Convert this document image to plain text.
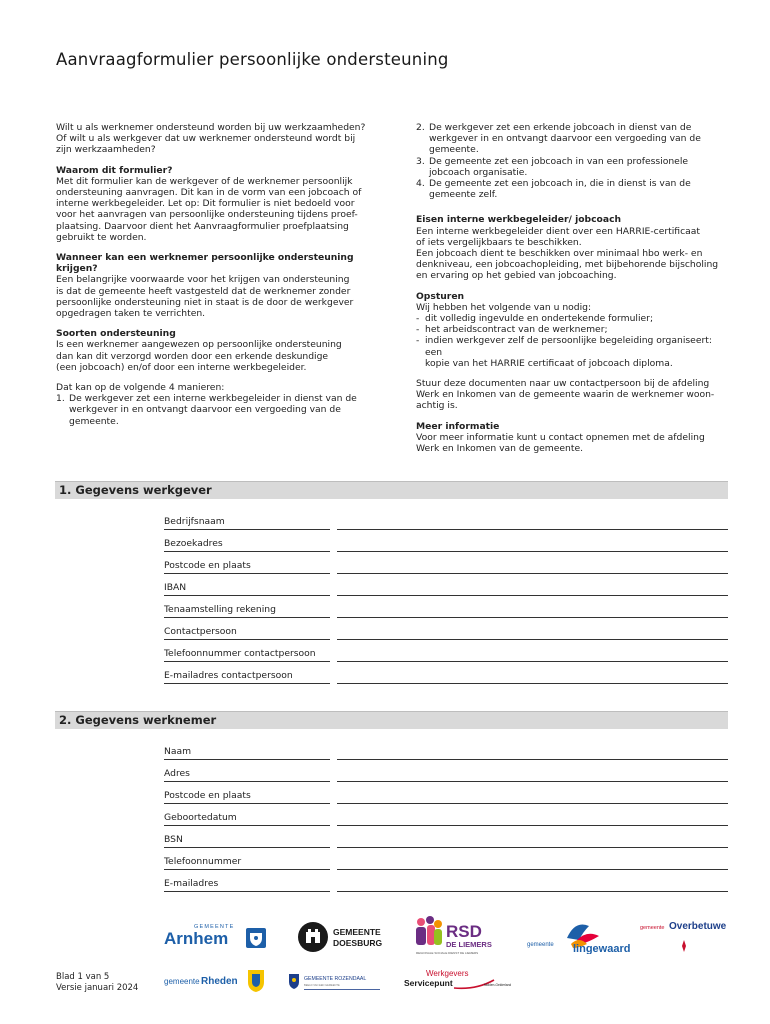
Aanvraagformulier persoonlijke ondersteuning

Wilt u als werknemer ondersteund worden bij uw werkzaamheden?
Of wilt u als werkgever dat uw werknemer ondersteund wordt bij
zijn werkzaamheden?

Waarom dit formulier?
Met dit formulier kan de werkgever of de werknemer persoonlijk
ondersteuning aanvragen. Dit kan in de vorm van een jobcoach of
interne werkbegeleider. Let op: Dit formulier is niet bedoeld voor
voor het aanvragen van persoonlijke ondersteuning tijdens proef-
plaatsing. Daarvoor dient het Aanvraagformulier proefplaatsing
gebruikt te worden.

Wanneer kan een werknemer persoonlijke ondersteuning
krijgen?
Een belangrijke voorwaarde voor het krijgen van ondersteuning
is dat de gemeente heeft vastgesteld dat de werknemer zonder
persoonlijke ondersteuning niet in staat is de door de werkgever
opgedragen taken te verrichten.

Soorten ondersteuning
Is een werknemer aangewezen op persoonlijke ondersteuning
dan kan dit verzorgd worden door een erkende deskundige
(een jobcoach) en/of door een interne werkbegeleider.

Dat kan op de volgende 4 manieren:

1. De werkgever zet een interne werkbegeleider in dienst van de
werkgever in en ontvangt daarvoor een vergoeding van de
gemeente.
2. De werkgever zet een erkende jobcoach in dienst van de
werkgever in en ontvangt daarvoor een vergoeding van de
gemeente.
3. De gemeente zet een jobcoach in van een professionele
jobcoach organisatie.
4. De gemeente zet een jobcoach in, die in dienst is van de
gemeente zelf.

Eisen interne werkbegeleider/ jobcoach
Een interne werkbegeleider dient over een HARRIE-certificaat
of iets vergelijkbaars te beschikken.
Een jobcoach dient te beschikken over minimaal hbo werk- en
denkniveau, een jobcoachopleiding, met bijbehorende bijscholing
en ervaring op het gebied van jobcoaching.

Opsturen
Wij hebben het volgende van u nodig:

- dit volledig ingevulde en ondertekende formulier;
- het arbeidscontract van de werknemer;
- indien werkgever zelf de persoonlijke begeleiding organiseert: een
kopie van het HARRIE certificaat of jobcoach diploma.

Stuur deze documenten naar uw contactpersoon bij de afdeling
Werk en Inkomen van de gemeente waarin de werknemer woon-
achtig is.

Meer informatie
Voor meer informatie kunt u contact opnemen met de afdeling
Werk en Inkomen van de gemeente.

1. Gegevens werkgever
Bedrijfsnaam
Bezoekadres
Postcode en plaats
IBAN
Tenaamstelling rekening
Contactpersoon
Telefoonnummer contactpersoon
E-mailadres contactpersoon
2. Gegevens werknemer
Naam
Adres
Postcode en plaats
Geboortedatum
BSN
Telefoonnummer
E-mailadres
GEMEENTE
Arnhem	GEMEENTE
DOESBURG
RSD
DE LIEMERS
REGIONALE SOCIALE DIENST DE LIEMERS
gemeente lingewaard
gemeente Overbetuwe
gemeente Rheden	GEMEENTE ROZENDAAL
BEELD VAN EEN GEMEENTE
Werkgevers
Servicepunt	Midden-Gelderland
Blad 1 van 5
Versie januari 2024
